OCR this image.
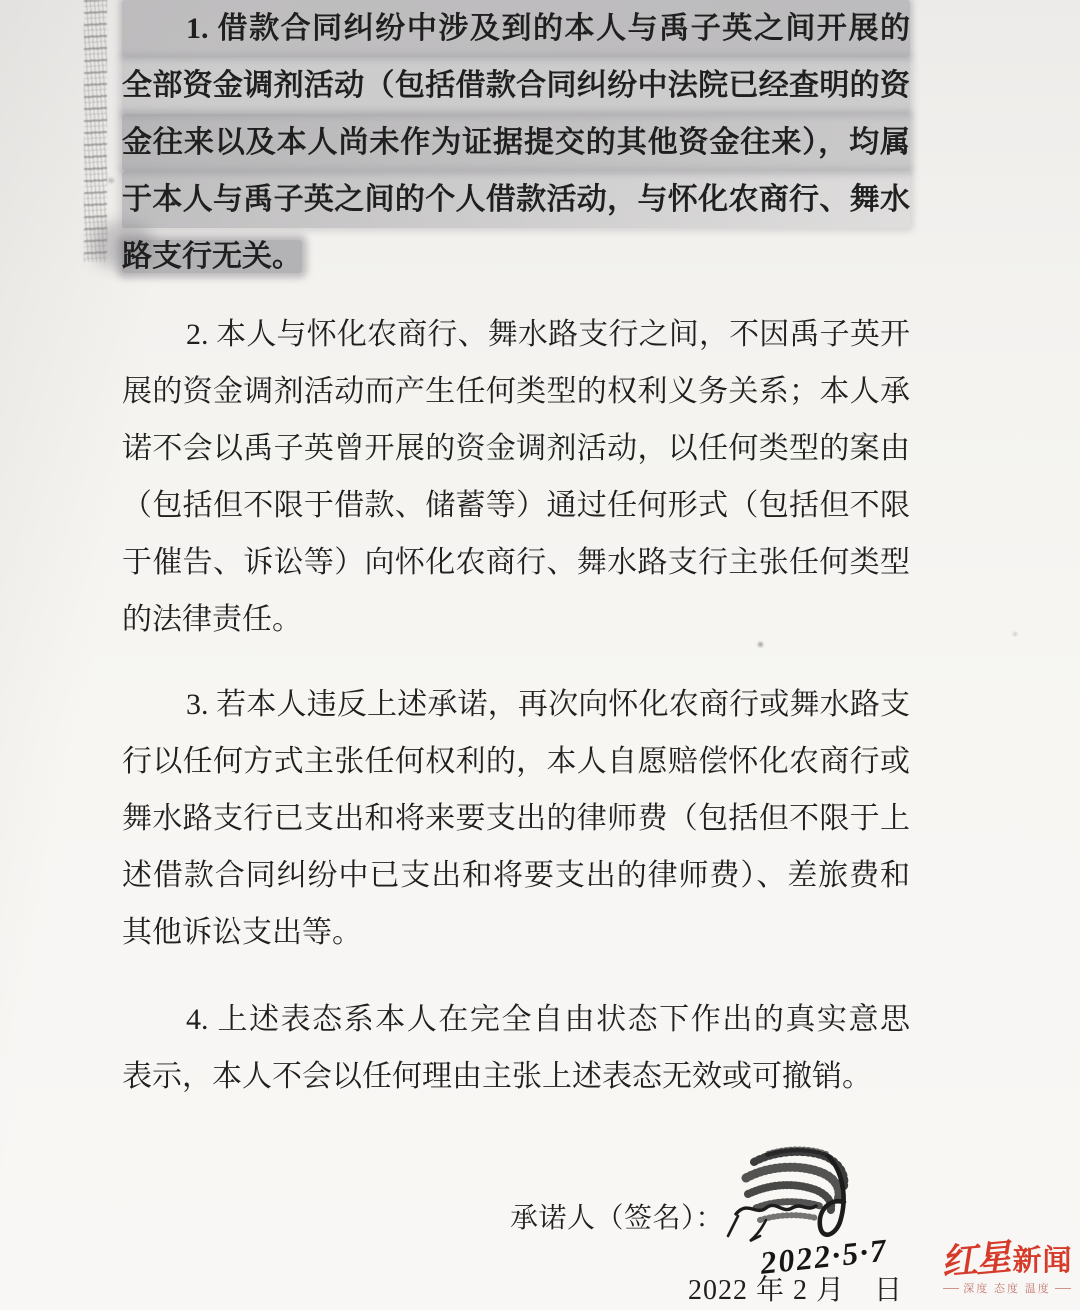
1. 借款合同纠纷中涉及到的本人与禹子英之间开展的
全部资金调剂活动（包括借款合同纠纷中法院已经查明的资
金往来以及本人尚未作为证据提交的其他资金往来），均属
于本人与禹子英之间的个人借款活动，与怀化农商行、舞水
路支行无关。
2. 本人与怀化农商行、舞水路支行之间，不因禹子英开
展的资金调剂活动而产生任何类型的权利义务关系；本人承
诺不会以禹子英曾开展的资金调剂活动，以任何类型的案由
（包括但不限于借款、储蓄等）通过任何形式（包括但不限
于催告、诉讼等）向怀化农商行、舞水路支行主张任何类型
的法律责任。
3. 若本人违反上述承诺，再次向怀化农商行或舞水路支
行以任何方式主张任何权利的，本人自愿赔偿怀化农商行或
舞水路支行已支出和将来要支出的律师费（包括但不限于上
述借款合同纠纷中已支出和将要支出的律师费）、差旅费和
其他诉讼支出等。
4. 上述表态系本人在完全自由状态下作出的真实意思
表示，本人不会以任何理由主张上述表态无效或可撤销。
承诺人（签名）：
2022·5·7
2022 年 2 月　日
红星 新闻
深度 态度 温度
